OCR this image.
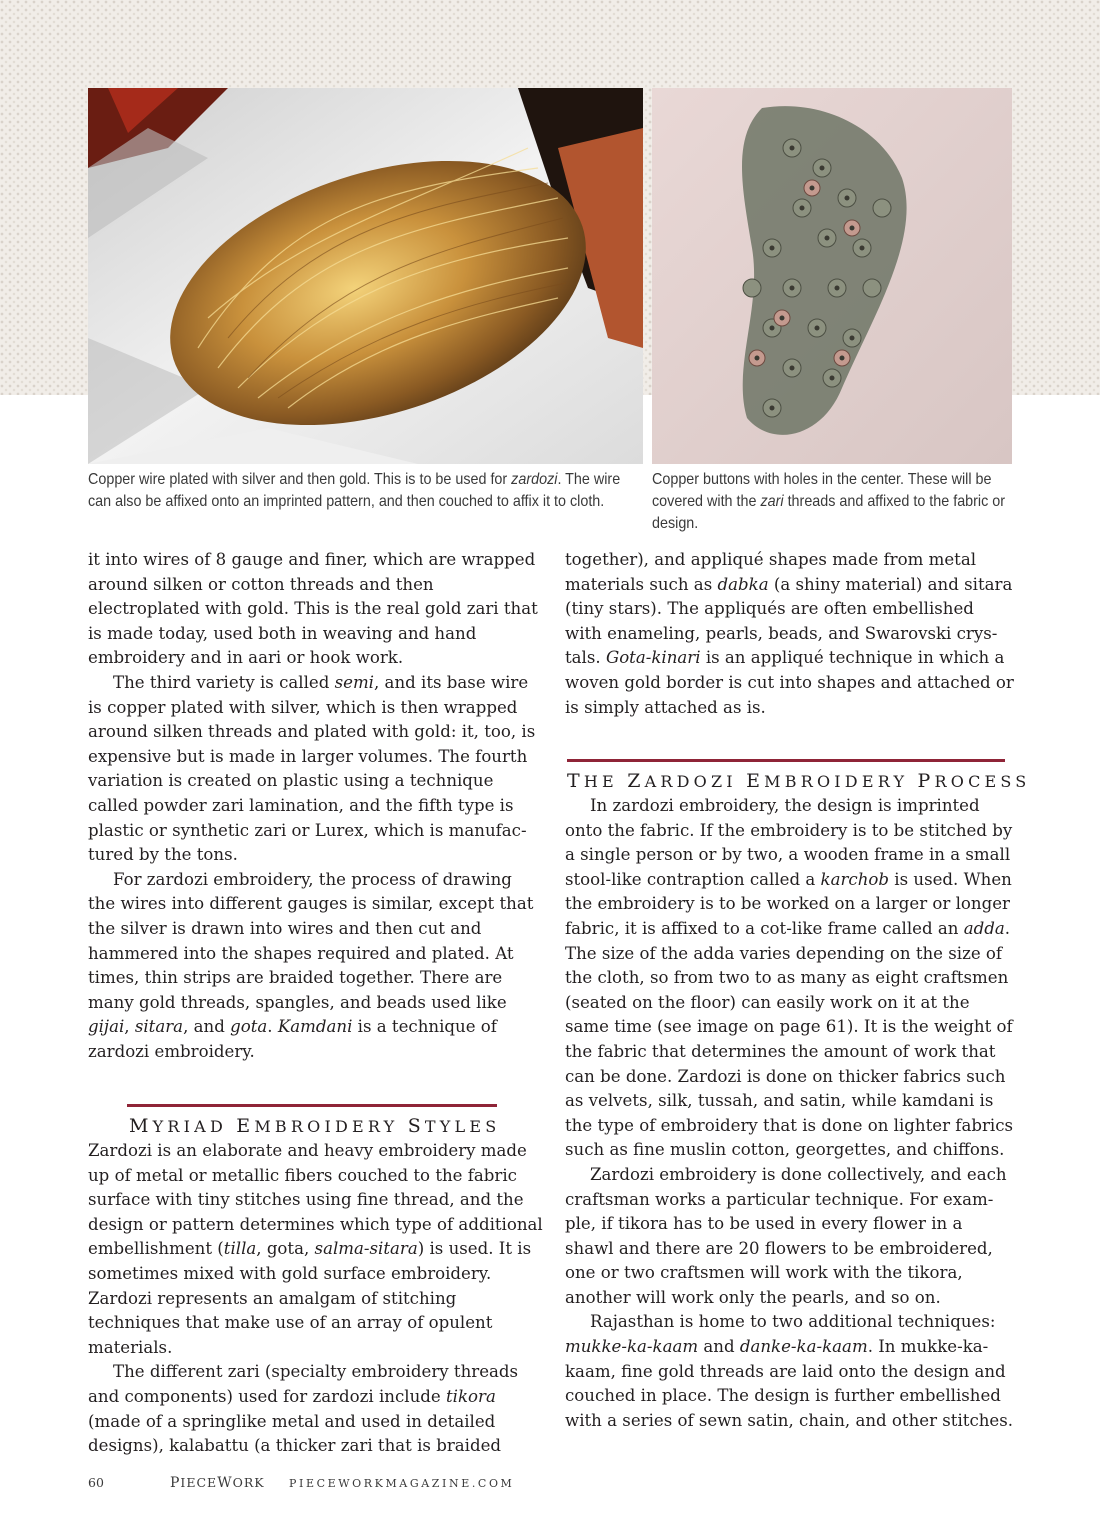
Copper wire plated with silver and then gold. This is to be used for zardozi. The wire can also be affixed onto an imprinted pattern, and then couched to affix it to cloth.
Copper buttons with holes in the center. These will be covered with the zari threads and affixed to the fabric or design.

it into wires of 8 gauge and finer, which are wrapped around silken or cotton threads and then electroplated with gold. This is the real gold zari that is made today, used both in weaving and hand embroidery and in aari or hook work.

The third variety is called semi, and its base wire is copper plated with silver, which is then wrapped around silken threads and plated with gold: it, too, is expensive but is made in larger volumes. The fourth variation is created on plastic using a technique called powder zari lamination, and the fifth type is plastic or synthetic zari or Lurex, which is manufactured by the tons.

For zardozi embroidery, the process of drawing the wires into different gauges is similar, except that the silver is drawn into wires and then cut and hammered into the shapes required and plated. At times, thin strips are braided together. There are many gold threads, spangles, and beads used like gijai, sitara, and gota. Kamdani is a technique of zardozi embroidery.

MYRIAD EMBROIDERY STYLES

Zardozi is an elaborate and heavy embroidery made up of metal or metallic fibers couched to the fabric surface with tiny stitches using fine thread, and the design or pattern determines which type of additional embellishment (tilla, gota, salma-sitara) is used. It is sometimes mixed with gold surface embroidery. Zardozi represents an amalgam of stitching techniques that make use of an array of opulent materials.

The different zari (specialty embroidery threads and components) used for zardozi include tikora (made of a springlike metal and used in detailed designs), kalabattu (a thicker zari that is braided

together), and appliqué shapes made from metal materials such as dabka (a shiny material) and sitara (tiny stars). The appliqués are often embellished with enameling, pearls, beads, and Swarovski crystals. Gota-kinari is an appliqué technique in which a woven gold border is cut into shapes and attached or is simply attached as is.

THE ZARDOZI EMBROIDERY PROCESS

In zardozi embroidery, the design is imprinted onto the fabric. If the embroidery is to be stitched by a single person or by two, a wooden frame in a small stool-like contraption called a karchob is used. When the embroidery is to be worked on a larger or longer fabric, it is affixed to a cot-like frame called an adda. The size of the adda varies depending on the size of the cloth, so from two to as many as eight craftsmen (seated on the floor) can easily work on it at the same time (see image on page 61). It is the weight of the fabric that determines the amount of work that can be done. Zardozi is done on thicker fabrics such as velvets, silk, tussah, and satin, while kamdani is the type of embroidery that is done on lighter fabrics such as fine muslin cotton, georgettes, and chiffons.

Zardozi embroidery is done collectively, and each craftsman works a particular technique. For example, if tikora has to be used in every flower in a shawl and there are 20 flowers to be embroidered, one or two craftsmen will work with the tikora, another will work only the pearls, and so on.

Rajasthan is home to two additional techniques: mukke-ka-kaam and danke-ka-kaam. In mukke-ka-kaam, fine gold threads are laid onto the design and couched in place. The design is further embellished with a series of sewn satin, chain, and other stitches.

60	PIECEWORK PIECEWORKMAGAZINE.COM
